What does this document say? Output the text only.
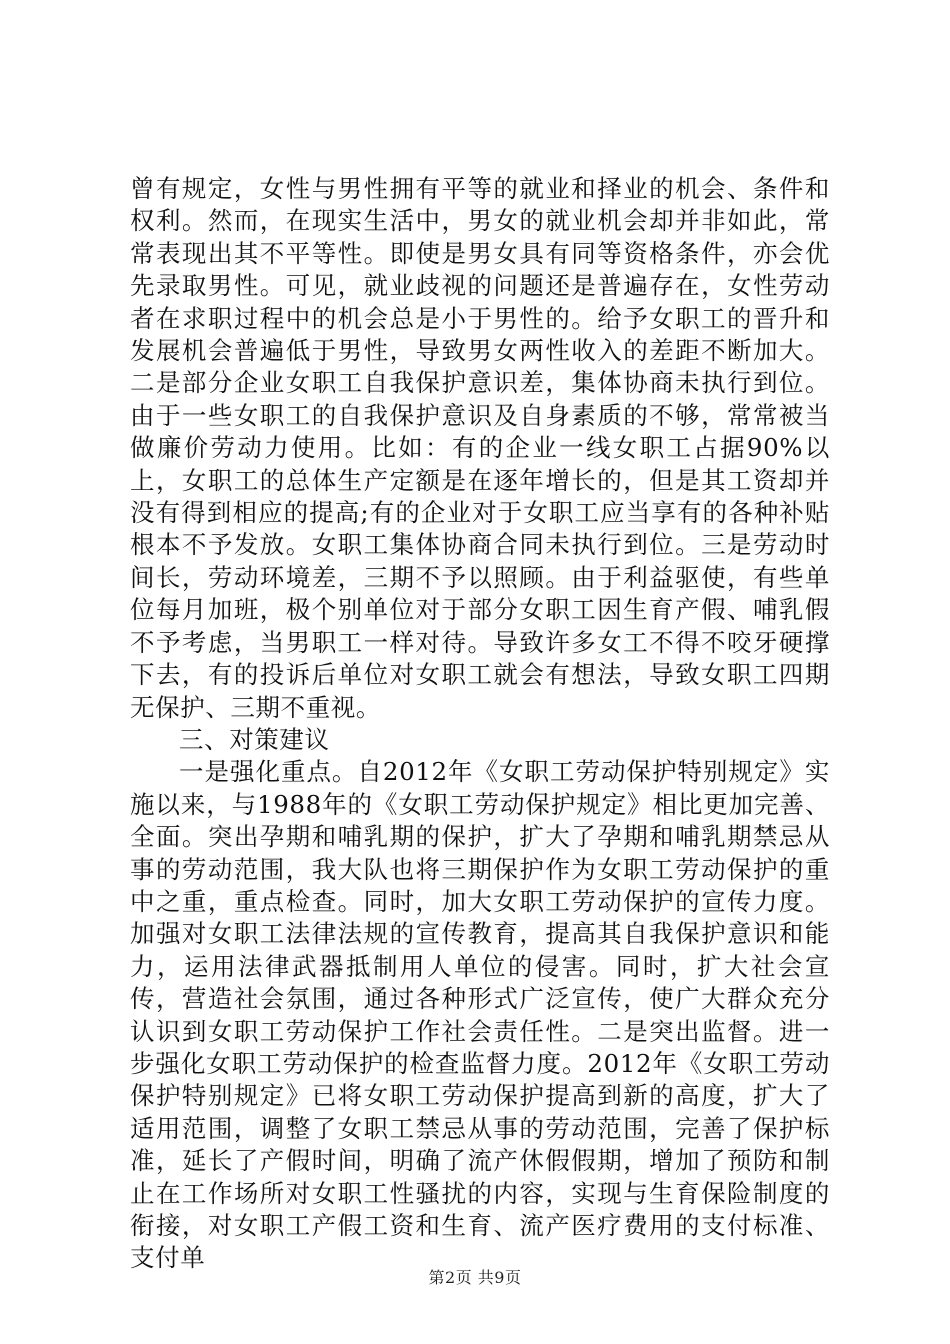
曾有规定，女性与男性拥有平等的就业和择业的机会、条件和权利。然而，在现实生活中，男女的就业机会却并非如此，常常表现出其不平等性。即使是男女具有同等资格条件，亦会优先录取男性。可见，就业歧视的问题还是普遍存在，女性劳动者在求职过程中的机会总是小于男性的。给予女职工的晋升和发展机会普遍低于男性，导致男女两性收入的差距不断加大。二是部分企业女职工自我保护意识差，集体协商未执行到位。由于一些女职工的自我保护意识及自身素质的不够，常常被当做廉价劳动力使用。比如：有的企业一线女职工占据90%以上，女职工的总体生产定额是在逐年增长的，但是其工资却并没有得到相应的提高;有的企业对于女职工应当享有的各种补贴根本不予发放。女职工集体协商合同未执行到位。三是劳动时间长，劳动环境差，三期不予以照顾。由于利益驱使，有些单位每月加班，极个别单位对于部分女职工因生育产假、哺乳假不予考虑，当男职工一样对待。导致许多女工不得不咬牙硬撑下去，有的投诉后单位对女职工就会有想法，导致女职工四期无保护、三期不重视。

三、对策建议

一是强化重点。自2012年《女职工劳动保护特别规定》实施以来，与1988年的《女职工劳动保护规定》相比更加完善、全面。突出孕期和哺乳期的保护，扩大了孕期和哺乳期禁忌从事的劳动范围，我大队也将三期保护作为女职工劳动保护的重中之重，重点检查。同时，加大女职工劳动保护的宣传力度。加强对女职工法律法规的宣传教育，提高其自我保护意识和能力，运用法律武器抵制用人单位的侵害。同时，扩大社会宣传，营造社会氛围，通过各种形式广泛宣传，使广大群众充分认识到女职工劳动保护工作社会责任性。二是突出监督。进一步强化女职工劳动保护的检查监督力度。2012年《女职工劳动保护特别规定》已将女职工劳动保护提高到新的高度，扩大了适用范围，调整了女职工禁忌从事的劳动范围，完善了保护标准，延长了产假时间，明确了流产休假假期，增加了预防和制止在工作场所对女职工性骚扰的内容，实现与生育保险制度的衔接，对女职工产假工资和生育、流产医疗费用的支付标准、支付单

第2页 共9页
